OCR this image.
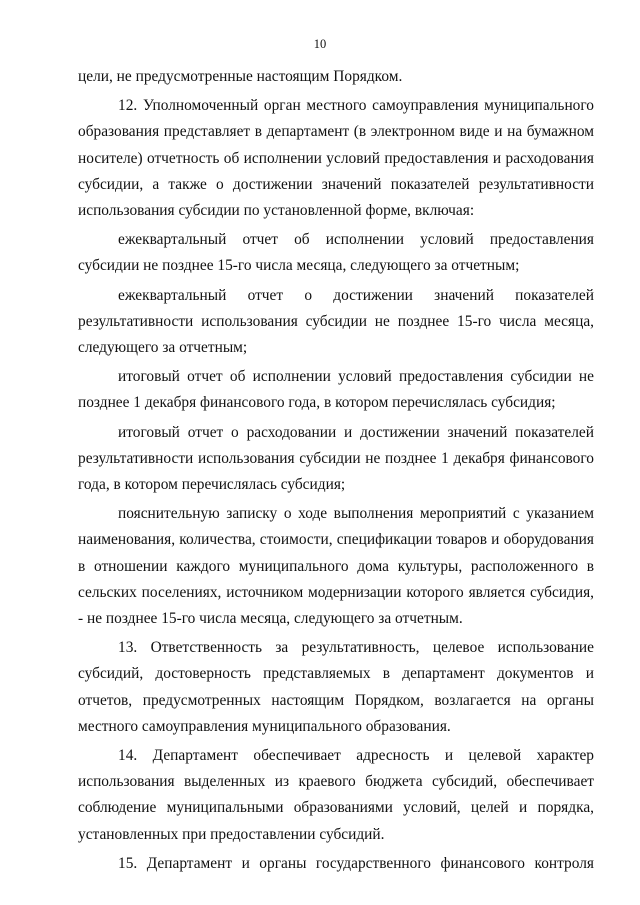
10

цели, не предусмотренные настоящим Порядком.

12. Уполномоченный орган местного самоуправления муниципального образования представляет в департамент (в электронном виде и на бумажном носителе) отчетность об исполнении условий предоставления и расходования субсидии, а также о достижении значений показателей результативности использования субсидии по установленной форме, включая:

ежеквартальный отчет об исполнении условий предоставления субсидии не позднее 15-го числа месяца, следующего за отчетным;

ежеквартальный отчет о достижении значений показателей результативности использования субсидии не позднее 15-го числа месяца, следующего за отчетным;

итоговый отчет об исполнении условий предоставления субсидии не позднее 1 декабря финансового года, в котором перечислялась субсидия;

итоговый отчет о расходовании и достижении значений показателей результативности использования субсидии не позднее 1 декабря финансового года, в котором перечислялась субсидия;

пояснительную записку о ходе выполнения мероприятий с указанием наименования, количества, стоимости, спецификации товаров и оборудования в отношении каждого муниципального дома культуры, расположенного в сельских поселениях, источником модернизации которого является субсидия, - не позднее 15-го числа месяца, следующего за отчетным.

13. Ответственность за результативность, целевое использование субсидий, достоверность представляемых в департамент документов и отчетов, предусмотренных настоящим Порядком, возлагается на органы местного самоуправления муниципального образования.

14. Департамент обеспечивает адресность и целевой характер использования выделенных из краевого бюджета субсидий, обеспечивает соблюдение муниципальными образованиями условий, целей и порядка, установленных при предоставлении субсидий.

15. Департамент и органы государственного финансового контроля
